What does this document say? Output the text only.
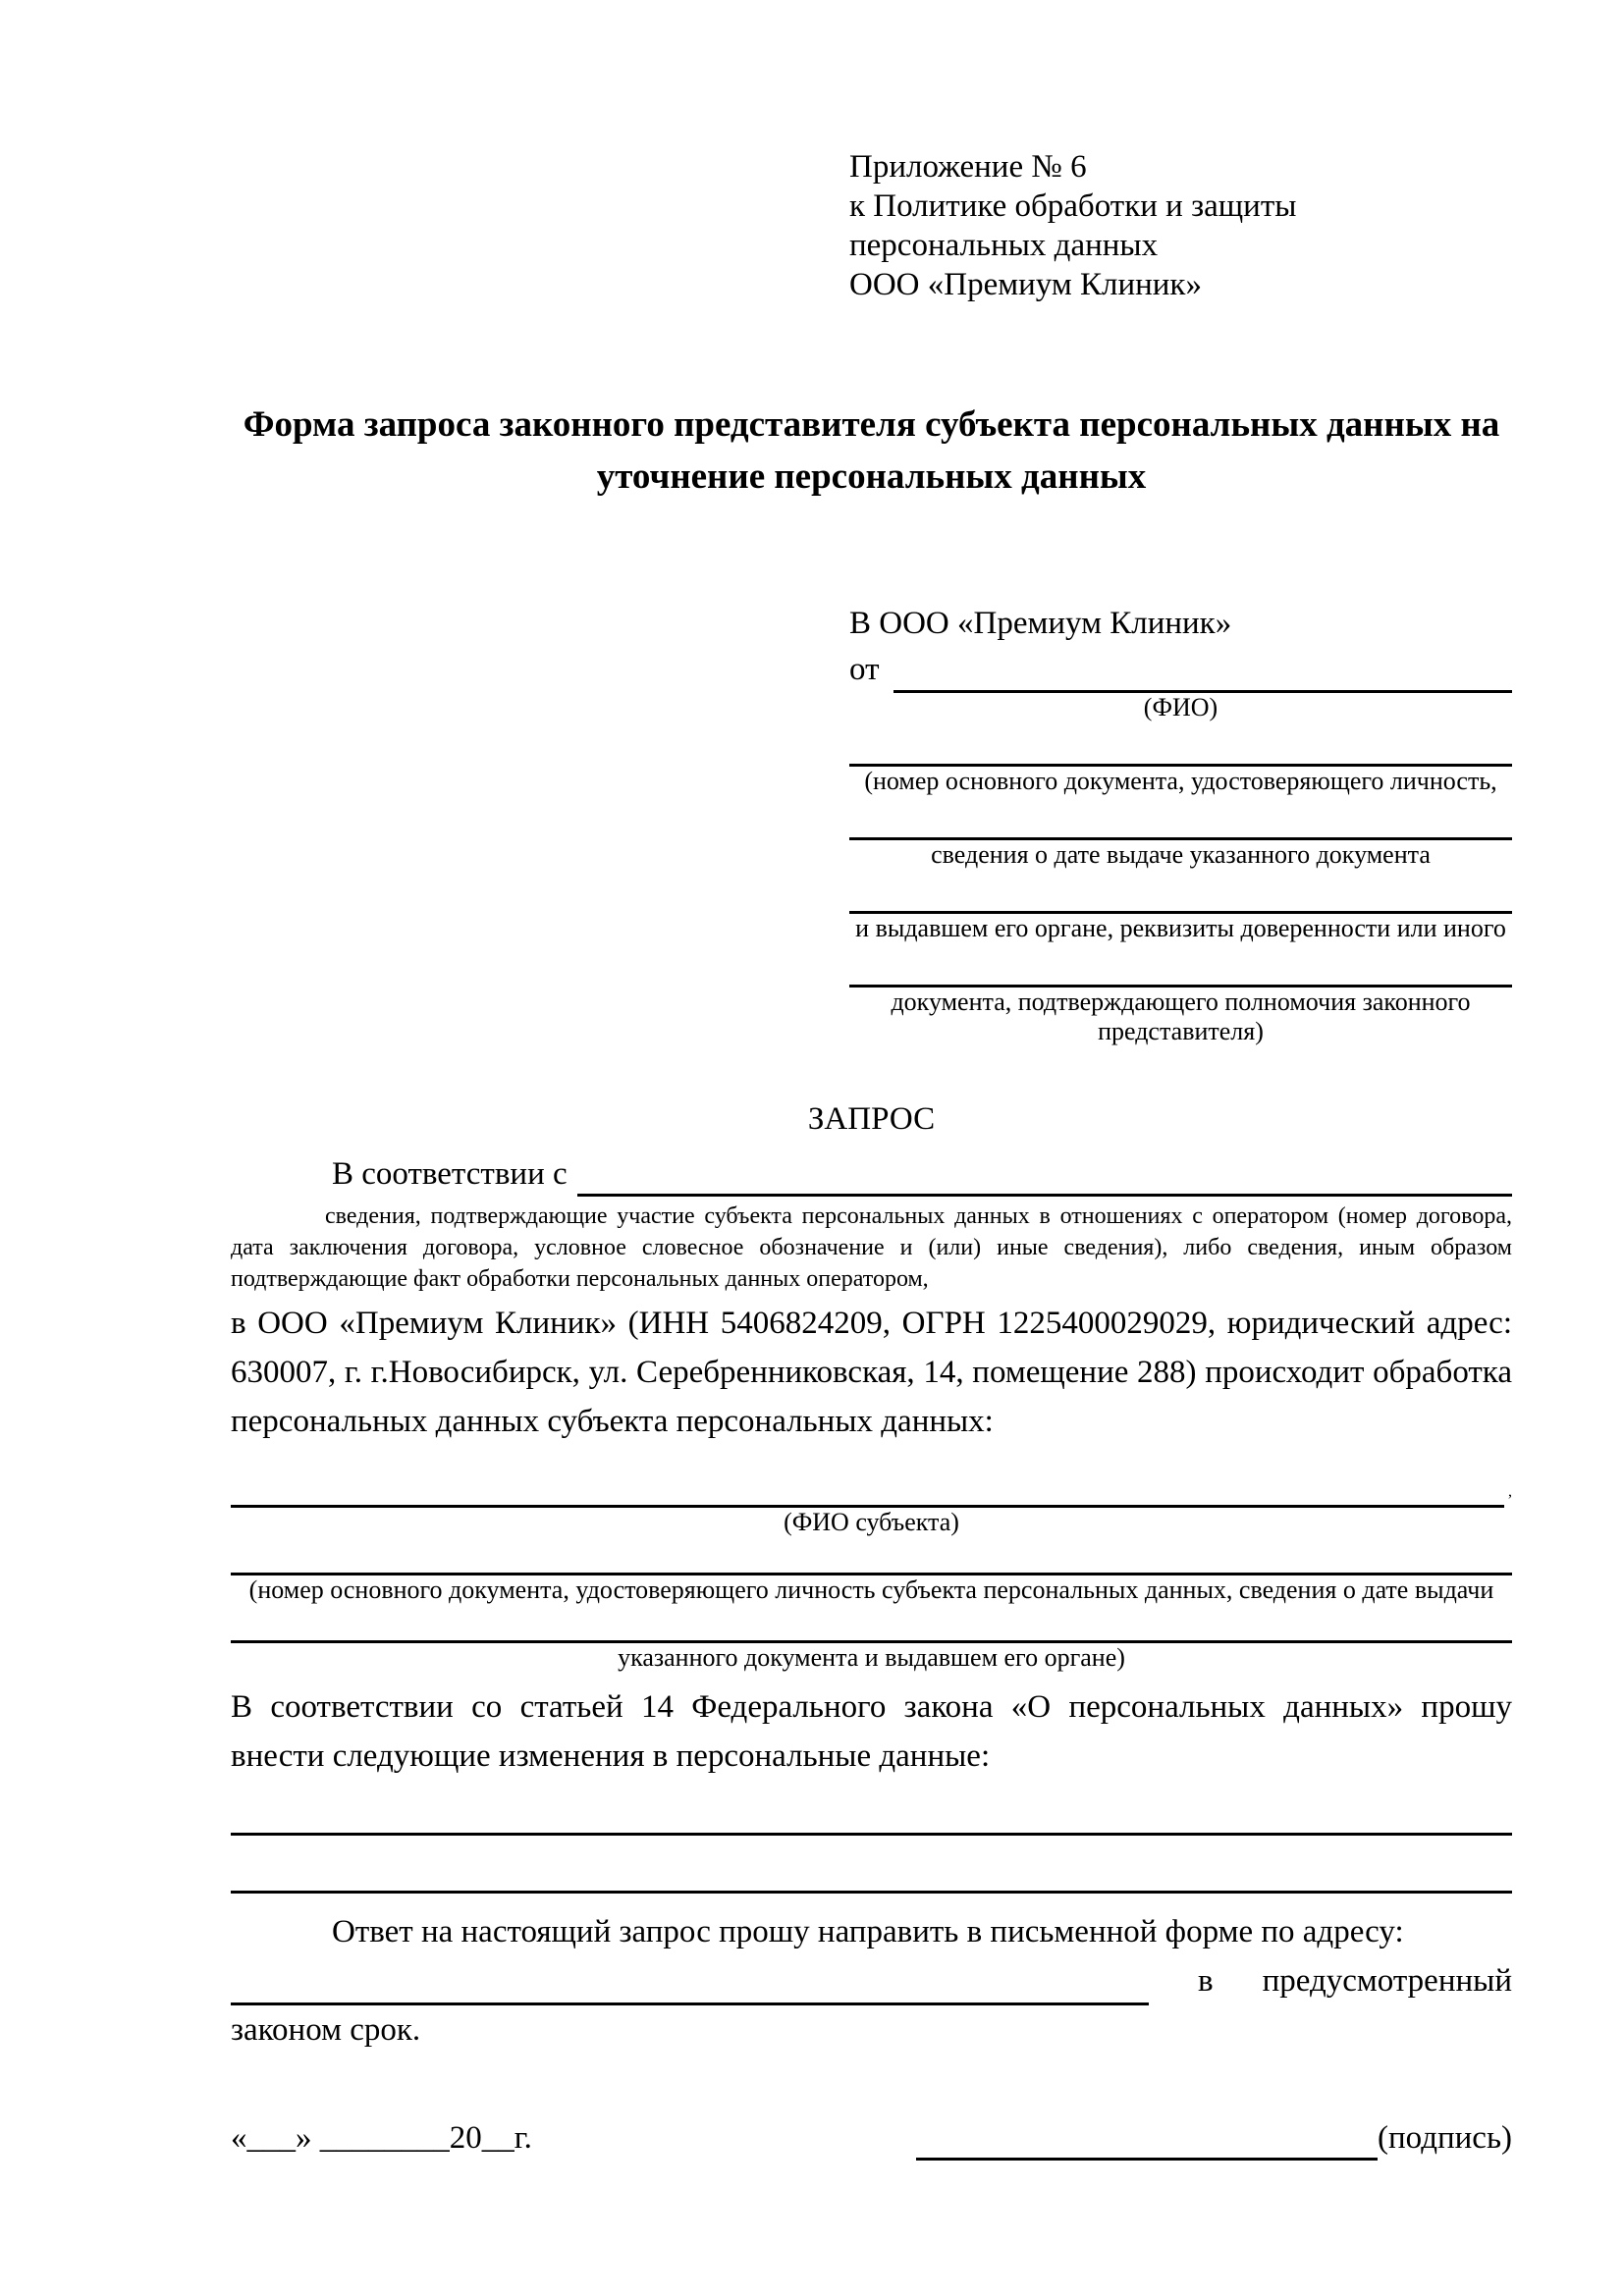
Приложение № 6
к Политике обработки и защиты
персональных данных
ООО «Премиум Клиник»
Форма запроса законного представителя субъекта персональных данных на уточнение персональных данных
В ООО «Премиум Клиник»
от
(ФИО)
(номер основного документа, удостоверяющего личность,
сведения о дате выдаче указанного документа
и выдавшем его органе, реквизиты доверенности или иного
документа, подтверждающего полномочия законного представителя)
ЗАПРОС
В соответствии с
сведения, подтверждающие участие субъекта персональных данных в отношениях с оператором (номер договора, дата заключения договора, условное словесное обозначение и (или) иные сведения), либо сведения, иным образом подтверждающие факт обработки персональных данных оператором,
в ООО «Премиум Клиник» (ИНН 5406824209, ОГРН 1225400029029, юридический адрес: 630007, г. г.Новосибирск, ул. Серебренниковская, 14, помещение 288) происходит обработка персональных данных субъекта персональных данных:
,
(ФИО субъекта)
(номер основного документа, удостоверяющего личность субъекта персональных данных, сведения о дате выдачи
указанного документа и выдавшем его органе)
В соответствии со статьей 14 Федерального закона «О персональных данных» прошу внести следующие изменения в персональные данные:
Ответ на настоящий запрос прошу направить в письменной форме по адресу:
в предусмотренный
законом срок.
«___» ________20__г.	(подпись)
